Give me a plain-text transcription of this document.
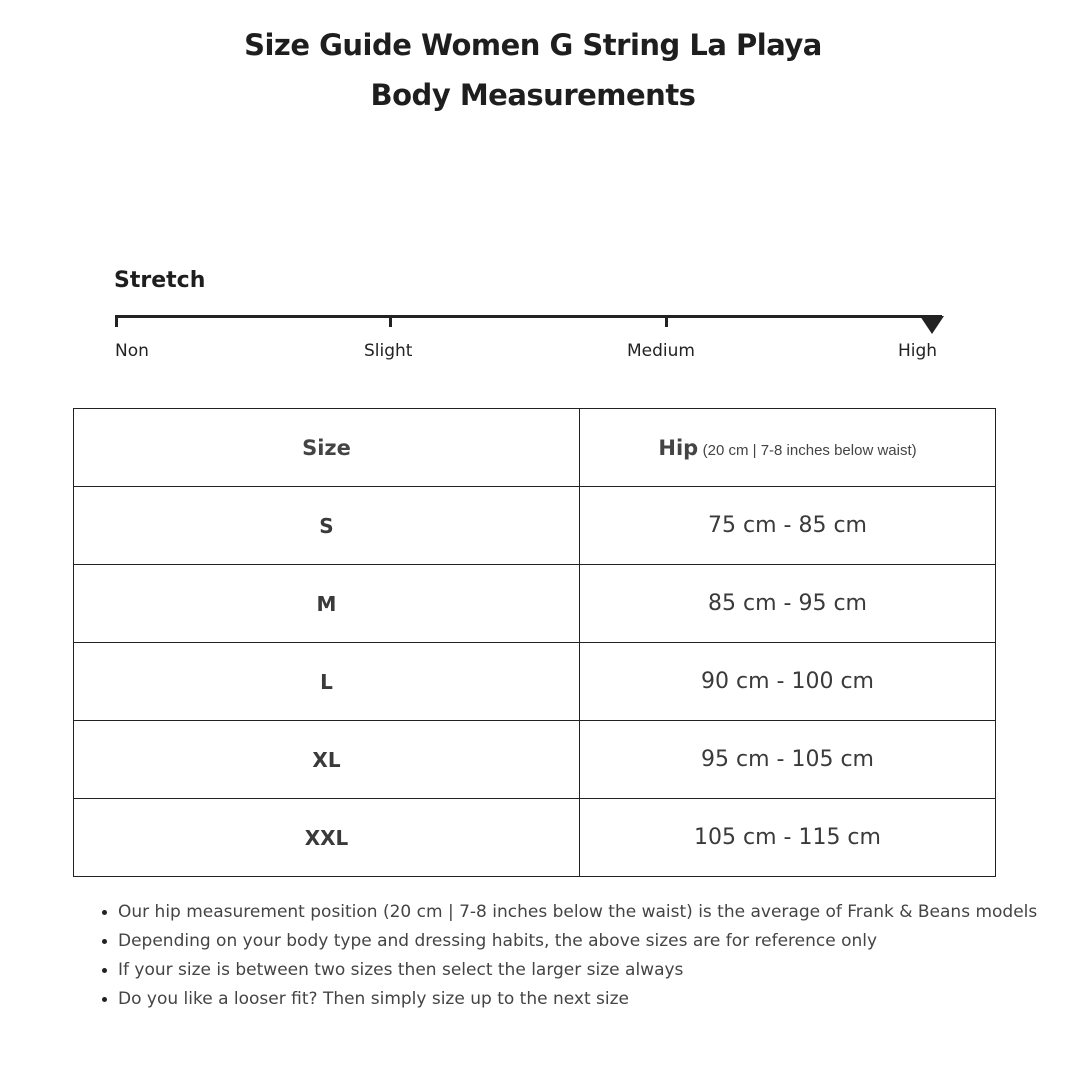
Size Guide Women G String La Playa
Body Measurements
Stretch
Non	Slight	Medium	High
Size	Hip (20 cm | 7-8 inches below waist)
S	75 cm - 85 cm
M	85 cm - 95 cm
L	90 cm - 100 cm
XL	95 cm - 105 cm
XXL	105 cm - 115 cm
• Our hip measurement position (20 cm | 7-8 inches below the waist) is the average of Frank & Beans models
• Depending on your body type and dressing habits, the above sizes are for reference only
• If your size is between two sizes then select the larger size always
• Do you like a looser fit? Then simply size up to the next size
